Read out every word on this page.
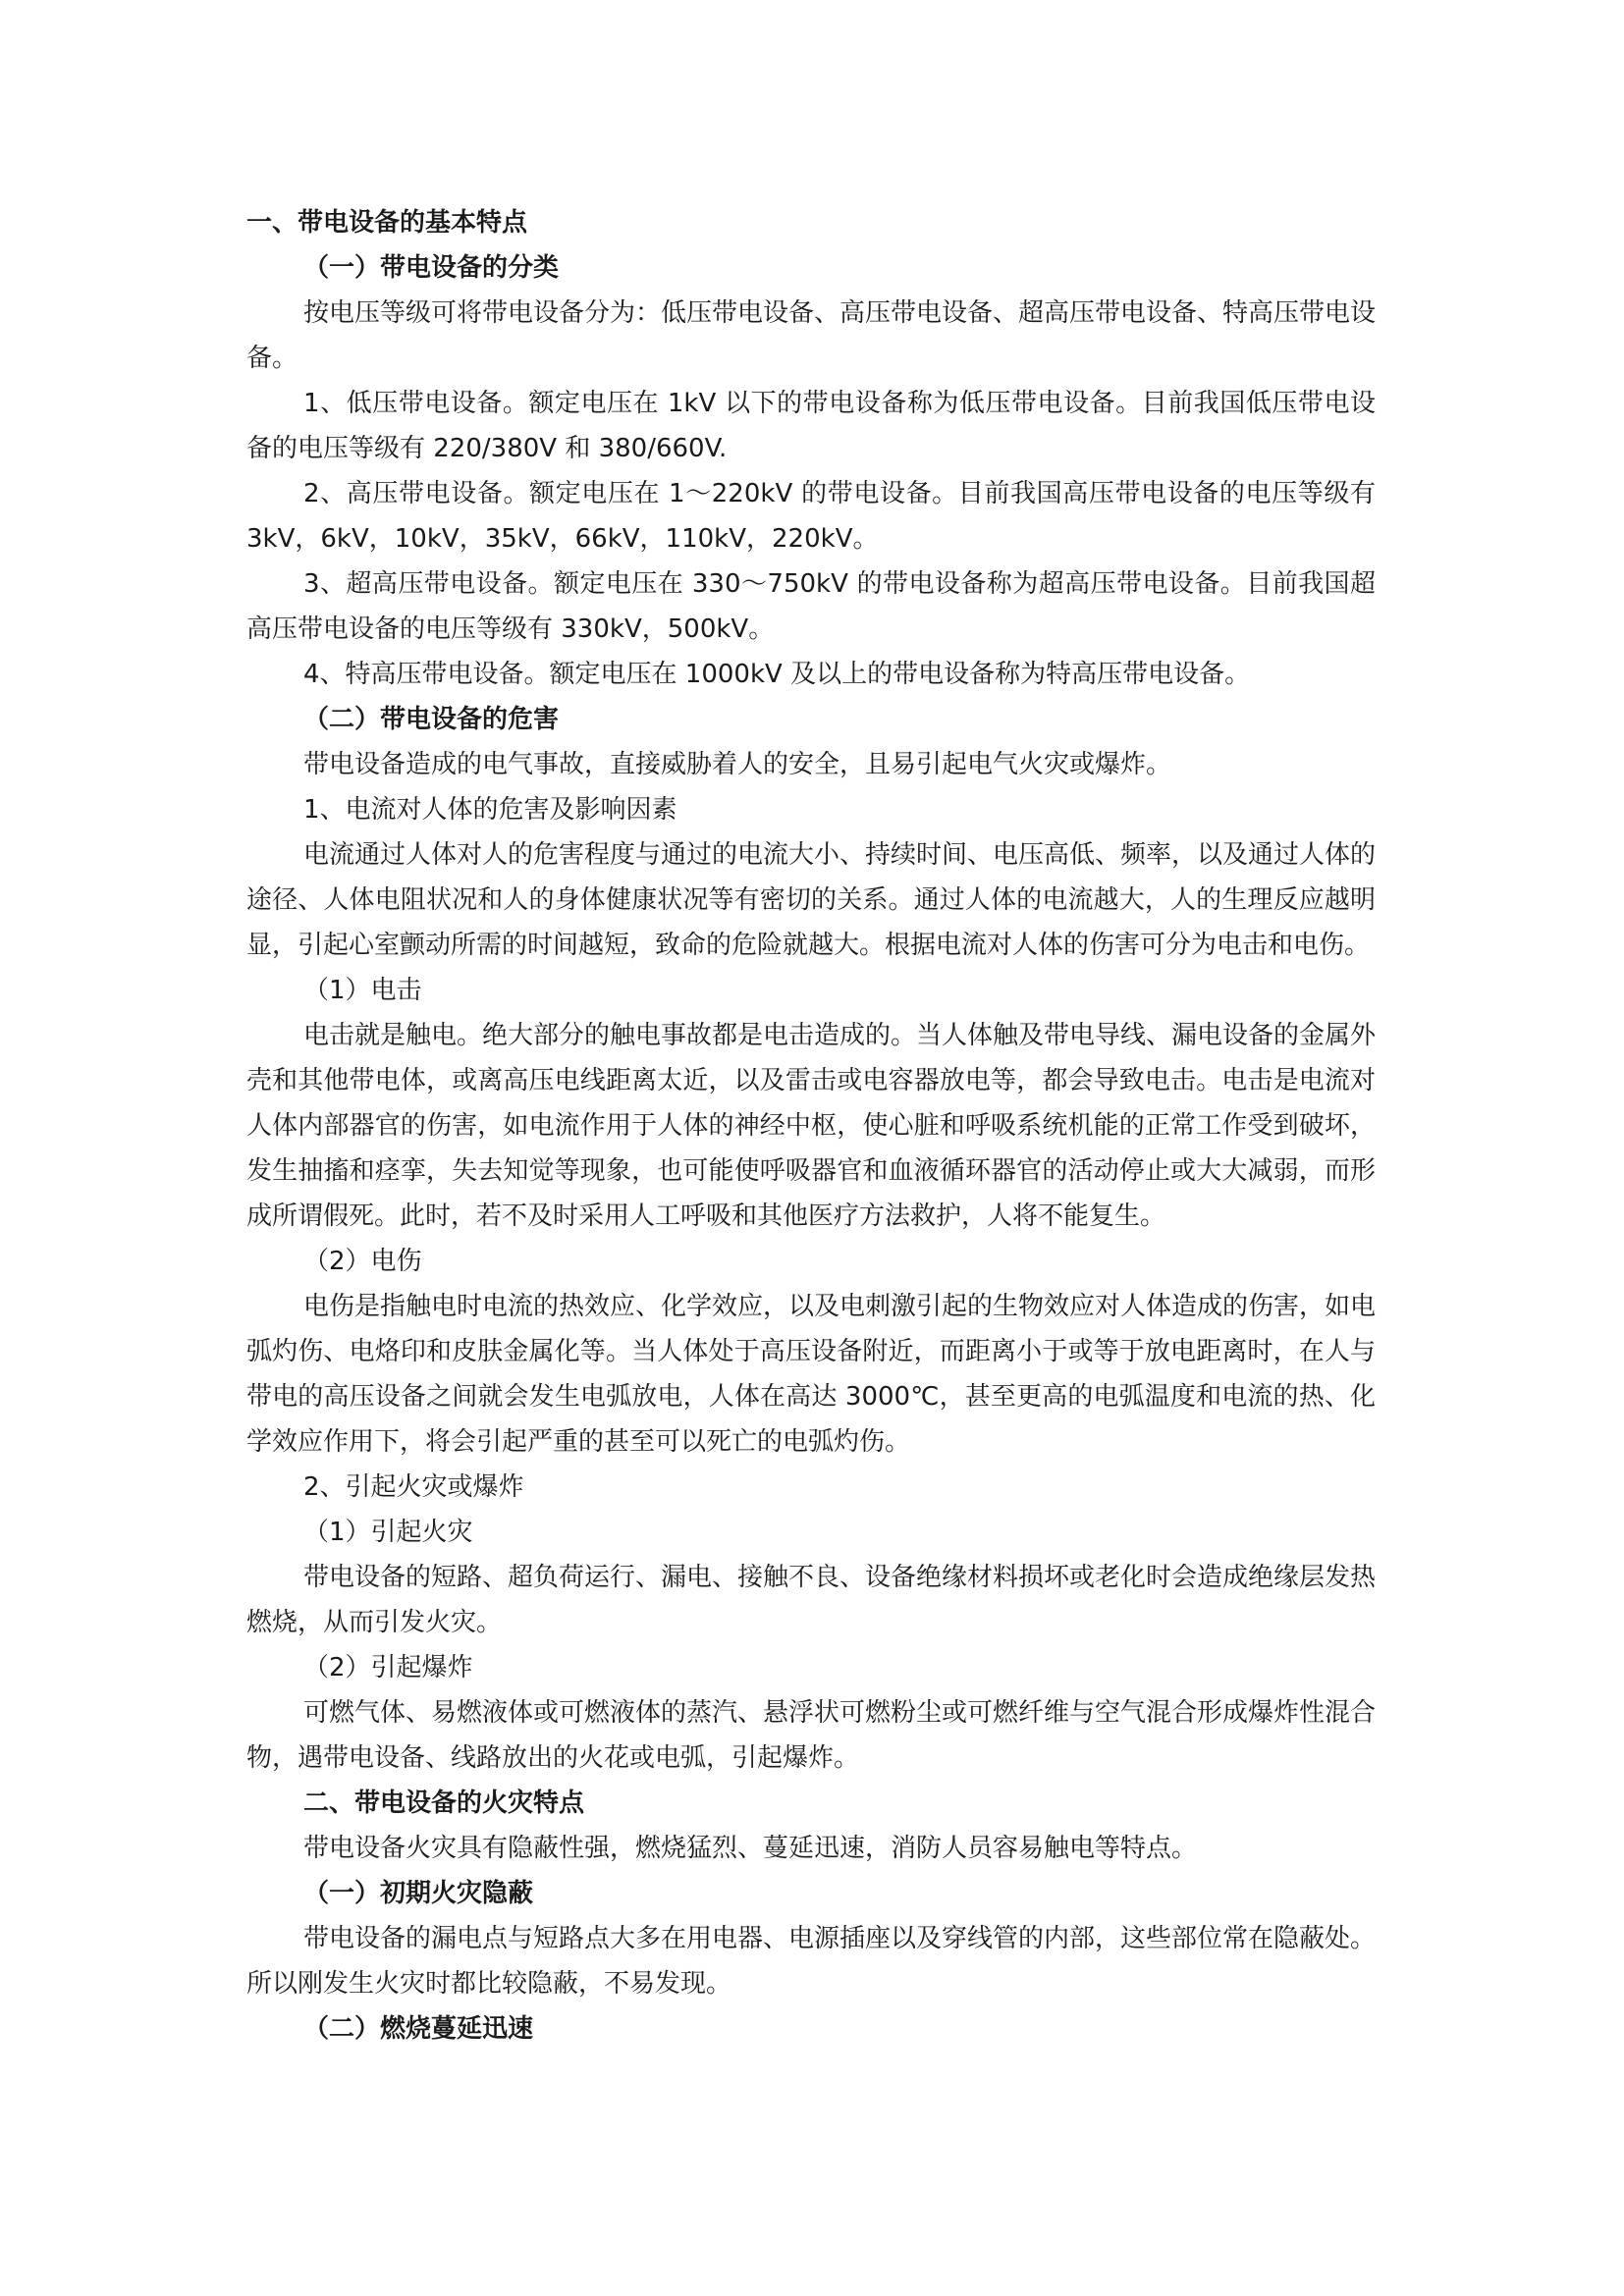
一、带电设备的基本特点

（一）带电设备的分类

按电压等级可将带电设备分为：低压带电设备、高压带电设备、超高压带电设备、特高压带电设备。

1、低压带电设备。额定电压在 1kV 以下的带电设备称为低压带电设备。目前我国低压带电设备的电压等级有 220/380V 和 380/660V.

2、高压带电设备。额定电压在 1～220kV 的带电设备。目前我国高压带电设备的电压等级有 3kV，6kV，10kV，35kV，66kV，110kV，220kV。

3、超高压带电设备。额定电压在 330～750kV 的带电设备称为超高压带电设备。目前我国超高压带电设备的电压等级有 330kV，500kV。

4、特高压带电设备。额定电压在 1000kV 及以上的带电设备称为特高压带电设备。

（二）带电设备的危害

带电设备造成的电气事故，直接威胁着人的安全，且易引起电气火灾或爆炸。

1、电流对人体的危害及影响因素

电流通过人体对人的危害程度与通过的电流大小、持续时间、电压高低、频率，以及通过人体的途径、人体电阻状况和人的身体健康状况等有密切的关系。通过人体的电流越大，人的生理反应越明显，引起心室颤动所需的时间越短，致命的危险就越大。根据电流对人体的伤害可分为电击和电伤。

（1）电击

电击就是触电。绝大部分的触电事故都是电击造成的。当人体触及带电导线、漏电设备的金属外壳和其他带电体，或离高压电线距离太近，以及雷击或电容器放电等，都会导致电击。电击是电流对人体内部器官的伤害，如电流作用于人体的神经中枢，使心脏和呼吸系统机能的正常工作受到破坏，发生抽搐和痉挛，失去知觉等现象，也可能使呼吸器官和血液循环器官的活动停止或大大减弱，而形成所谓假死。此时，若不及时采用人工呼吸和其他医疗方法救护，人将不能复生。

（2）电伤

电伤是指触电时电流的热效应、化学效应，以及电刺激引起的生物效应对人体造成的伤害，如电弧灼伤、电烙印和皮肤金属化等。当人体处于高压设备附近，而距离小于或等于放电距离时，在人与带电的高压设备之间就会发生电弧放电，人体在高达 3000℃，甚至更高的电弧温度和电流的热、化学效应作用下，将会引起严重的甚至可以死亡的电弧灼伤。

2、引起火灾或爆炸

（1）引起火灾

带电设备的短路、超负荷运行、漏电、接触不良、设备绝缘材料损坏或老化时会造成绝缘层发热燃烧，从而引发火灾。

（2）引起爆炸

可燃气体、易燃液体或可燃液体的蒸汽、悬浮状可燃粉尘或可燃纤维与空气混合形成爆炸性混合物，遇带电设备、线路放出的火花或电弧，引起爆炸。

二、带电设备的火灾特点

带电设备火灾具有隐蔽性强，燃烧猛烈、蔓延迅速，消防人员容易触电等特点。

（一）初期火灾隐蔽

带电设备的漏电点与短路点大多在用电器、电源插座以及穿线管的内部，这些部位常在隐蔽处。所以刚发生火灾时都比较隐蔽，不易发现。

（二）燃烧蔓延迅速
